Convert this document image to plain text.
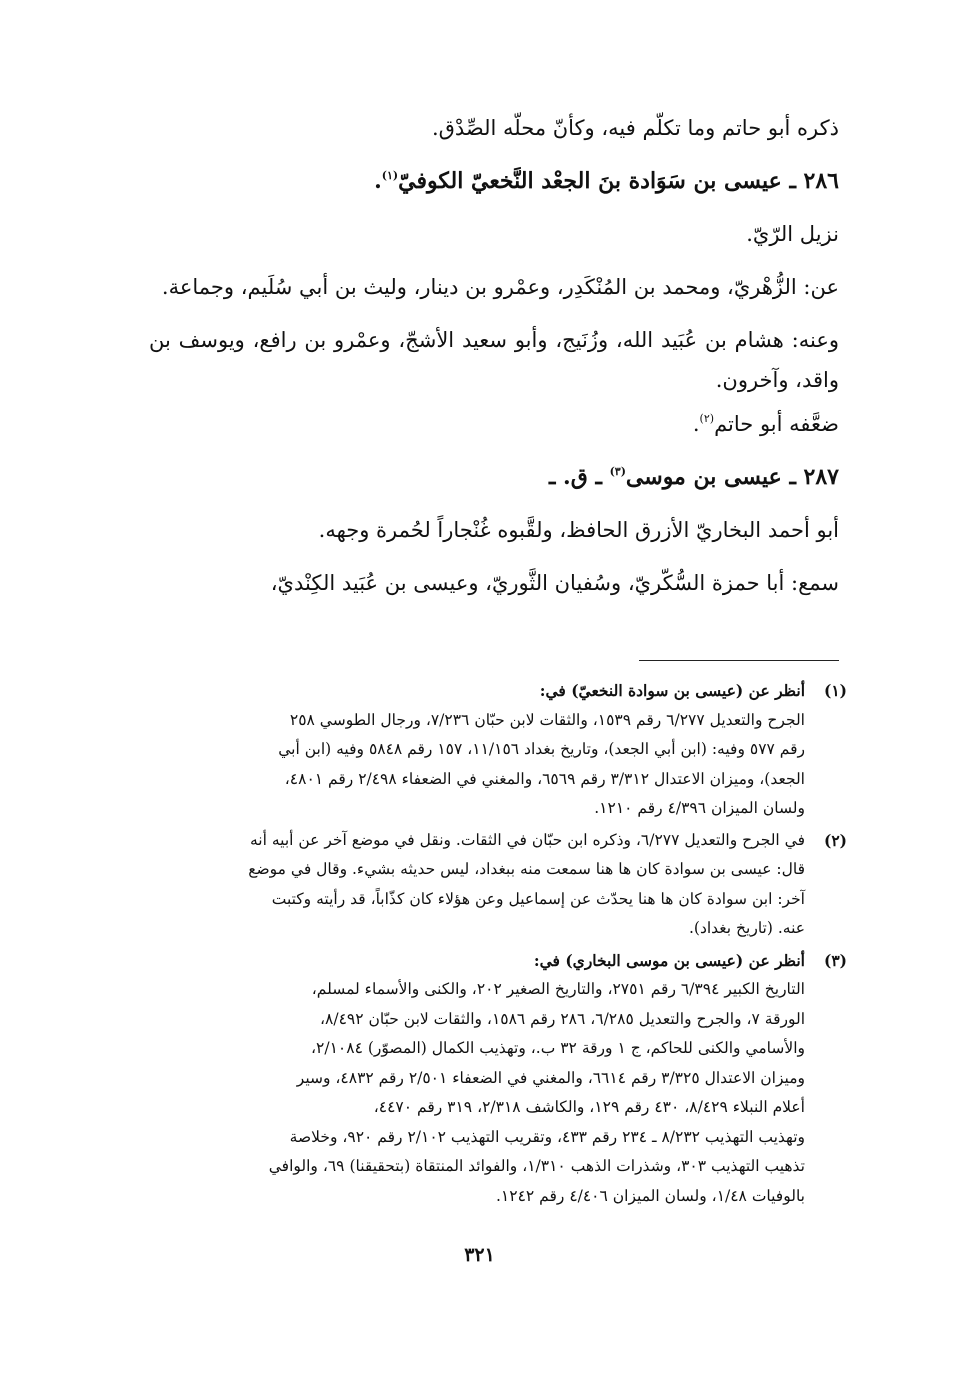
ذكره أبو حاتم وما تكلّم فيه، وكأنّ محلّه الصِّدْق.

٢٨٦ ـ عيسى بن سَوَادة بنَ الجعْد النَّخعيّ الكوفيّ$^{(١)}$.

نزيل الرّيّ.

عن: الزُّهْريّ، ومحمد بن المُنْكَدِر، وعمْرو بن دينار، وليث بن أبي سُلَيم، وجماعة.

وعنه: هشام بن عُبَيد الله، وزُنَيج، وأبو سعيد الأشجّ، وعمْرو بن رافع، ويوسف بن واقد، وآخرون.

ضعَّفه أبو حاتم$^{(٢)}$.

٢٨٧ ـ عيسى بن موسى$^{(٣)}$ ـ ق. ـ

أبو أحمد البخاريّ الأزرق الحافظ، ولقَّبوه غُنْجاراً لحُمرة وجهه.

سمع: أبا حمزة السُّكّريّ، وسُفيان الثَّوريّ، وعيسى بن عُبَيد الكِنْديّ،

(١)
أنظر عن (عيسى بن سوادة النخعيّ) في:
الجرح والتعديل ٦/٢٧٧ رقم ١٥٣٩، والثقات لابن حبّان ٧/٢٣٦، ورجال الطوسي ٢٥٨
رقم ٥٧٧ وفيه: (ابن أبي الجعد)، وتاريخ بغداد ١١/١٥٦، ١٥٧ رقم ٥٨٤٨ وفيه (ابن أبي
الجعد)، وميزان الاعتدال ٣/٣١٢ رقم ٦٥٦٩، والمغني في الضعفاء ٢/٤٩٨ رقم ٤٨٠١،
ولسان الميزان ٤/٣٩٦ رقم ١٢١٠.
(٢)
في الجرح والتعديل ٦/٢٧٧، وذكره ابن حبّان في الثقات. ونقل في موضع آخر عن أبيه أنه
قال: عيسى بن سوادة كان ها هنا سمعت منه ببغداد، ليس حديثه بشيء. وقال في موضع
آخر: ابن سوادة كان ها هنا يحدّث عن إسماعيل وعن هؤلاء كان كذّاباً، قد رأيته وكتبت
عنه. (تاريخ بغداد).
(٣)
أنظر عن (عيسى بن موسى البخاري) في:
التاريخ الكبير ٦/٣٩٤ رقم ٢٧٥١، والتاريخ الصغير ٢٠٢، والكنى والأسماء لمسلم،
الورقة ٧، والجرح والتعديل ٦/٢٨٥، ٢٨٦ رقم ١٥٨٦، والثقات لابن حبّان ٨/٤٩٢،
والأسامي والكنى للحاكم، ج ١ ورقة ٣٢ ب.، وتهذيب الكمال (المصوّر) ٢/١٠٨٤،
وميزان الاعتدال ٣/٣٢٥ رقم ٦٦١٤، والمغني في الضعفاء ٢/٥٠١ رقم ٤٨٣٢، وسير
أعلام النبلاء ٨/٤٢٩، ٤٣٠ رقم ١٢٩، والكاشف ٢/٣١٨، ٣١٩ رقم ٤٤٧٠،
وتهذيب التهذيب ٨/٢٣٢ ـ ٢٣٤ رقم ٤٣٣، وتقريب التهذيب ٢/١٠٢ رقم ٩٢٠، وخلاصة
تذهيب التهذيب ٣٠٣، وشذرات الذهب ١/٣١٠، والفوائد المنتقاة (بتحقيقنا) ٦٩، والوافي
بالوفيات ١/٤٨، ولسان الميزان ٤/٤٠٦ رقم ١٢٤٢.
٣٢١
